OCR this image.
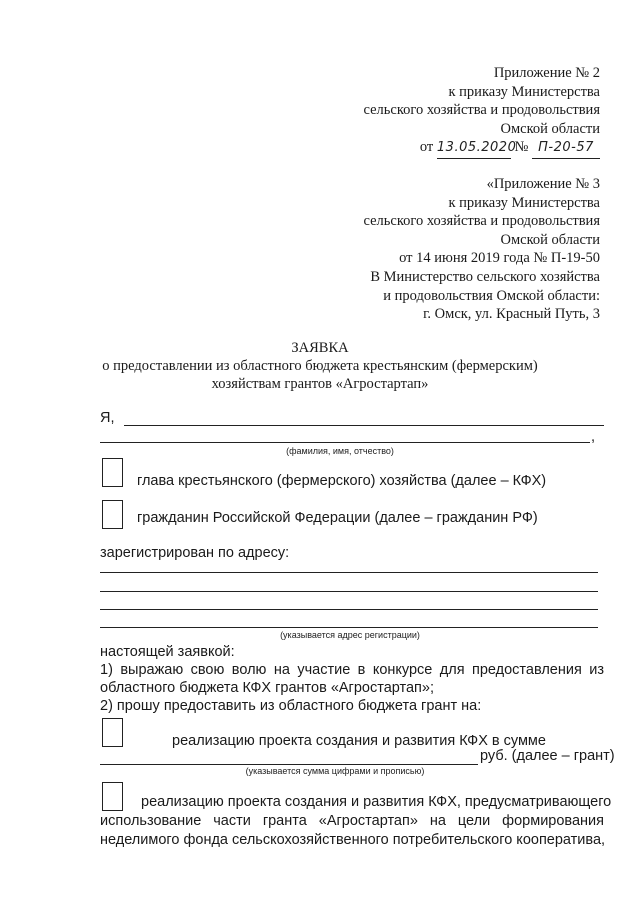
Приложение № 2
к приказу Министерства
сельского хозяйства и продовольствия
Омской области
от 13.05.2020 № П-20-57
«Приложение № 3
к приказу Министерства
сельского хозяйства и продовольствия
Омской области
от 14 июня 2019 года № П-19-50
В Министерство сельского хозяйства
и продовольствия Омской области:
г. Омск, ул. Красный Путь, 3
ЗАЯВКА
о предоставлении из областного бюджета крестьянским (фермерским)
хозяйствам грантов «Агростартап»
Я,
,
(фамилия, имя, отчество)
глава крестьянского (фермерского) хозяйства (далее – КФХ)
гражданин Российской Федерации (далее – гражданин РФ)
зарегистрирован по адресу:
(указывается адрес регистрации)
настоящей заявкой:
1) выражаю свою волю на участие в конкурсе для предоставления из
областного бюджета КФХ грантов «Агростартап»;
2) прошу предоставить из областного бюджета грант на:
реализацию проекта создания и развития КФХ в сумме
руб. (далее – грант)
(указывается сумма цифрами и прописью)
реализацию проекта создания и развития КФХ, предусматривающего
использование части гранта «Агростартап» на цели формирования
неделимого фонда сельскохозяйственного потребительского кооператива,
